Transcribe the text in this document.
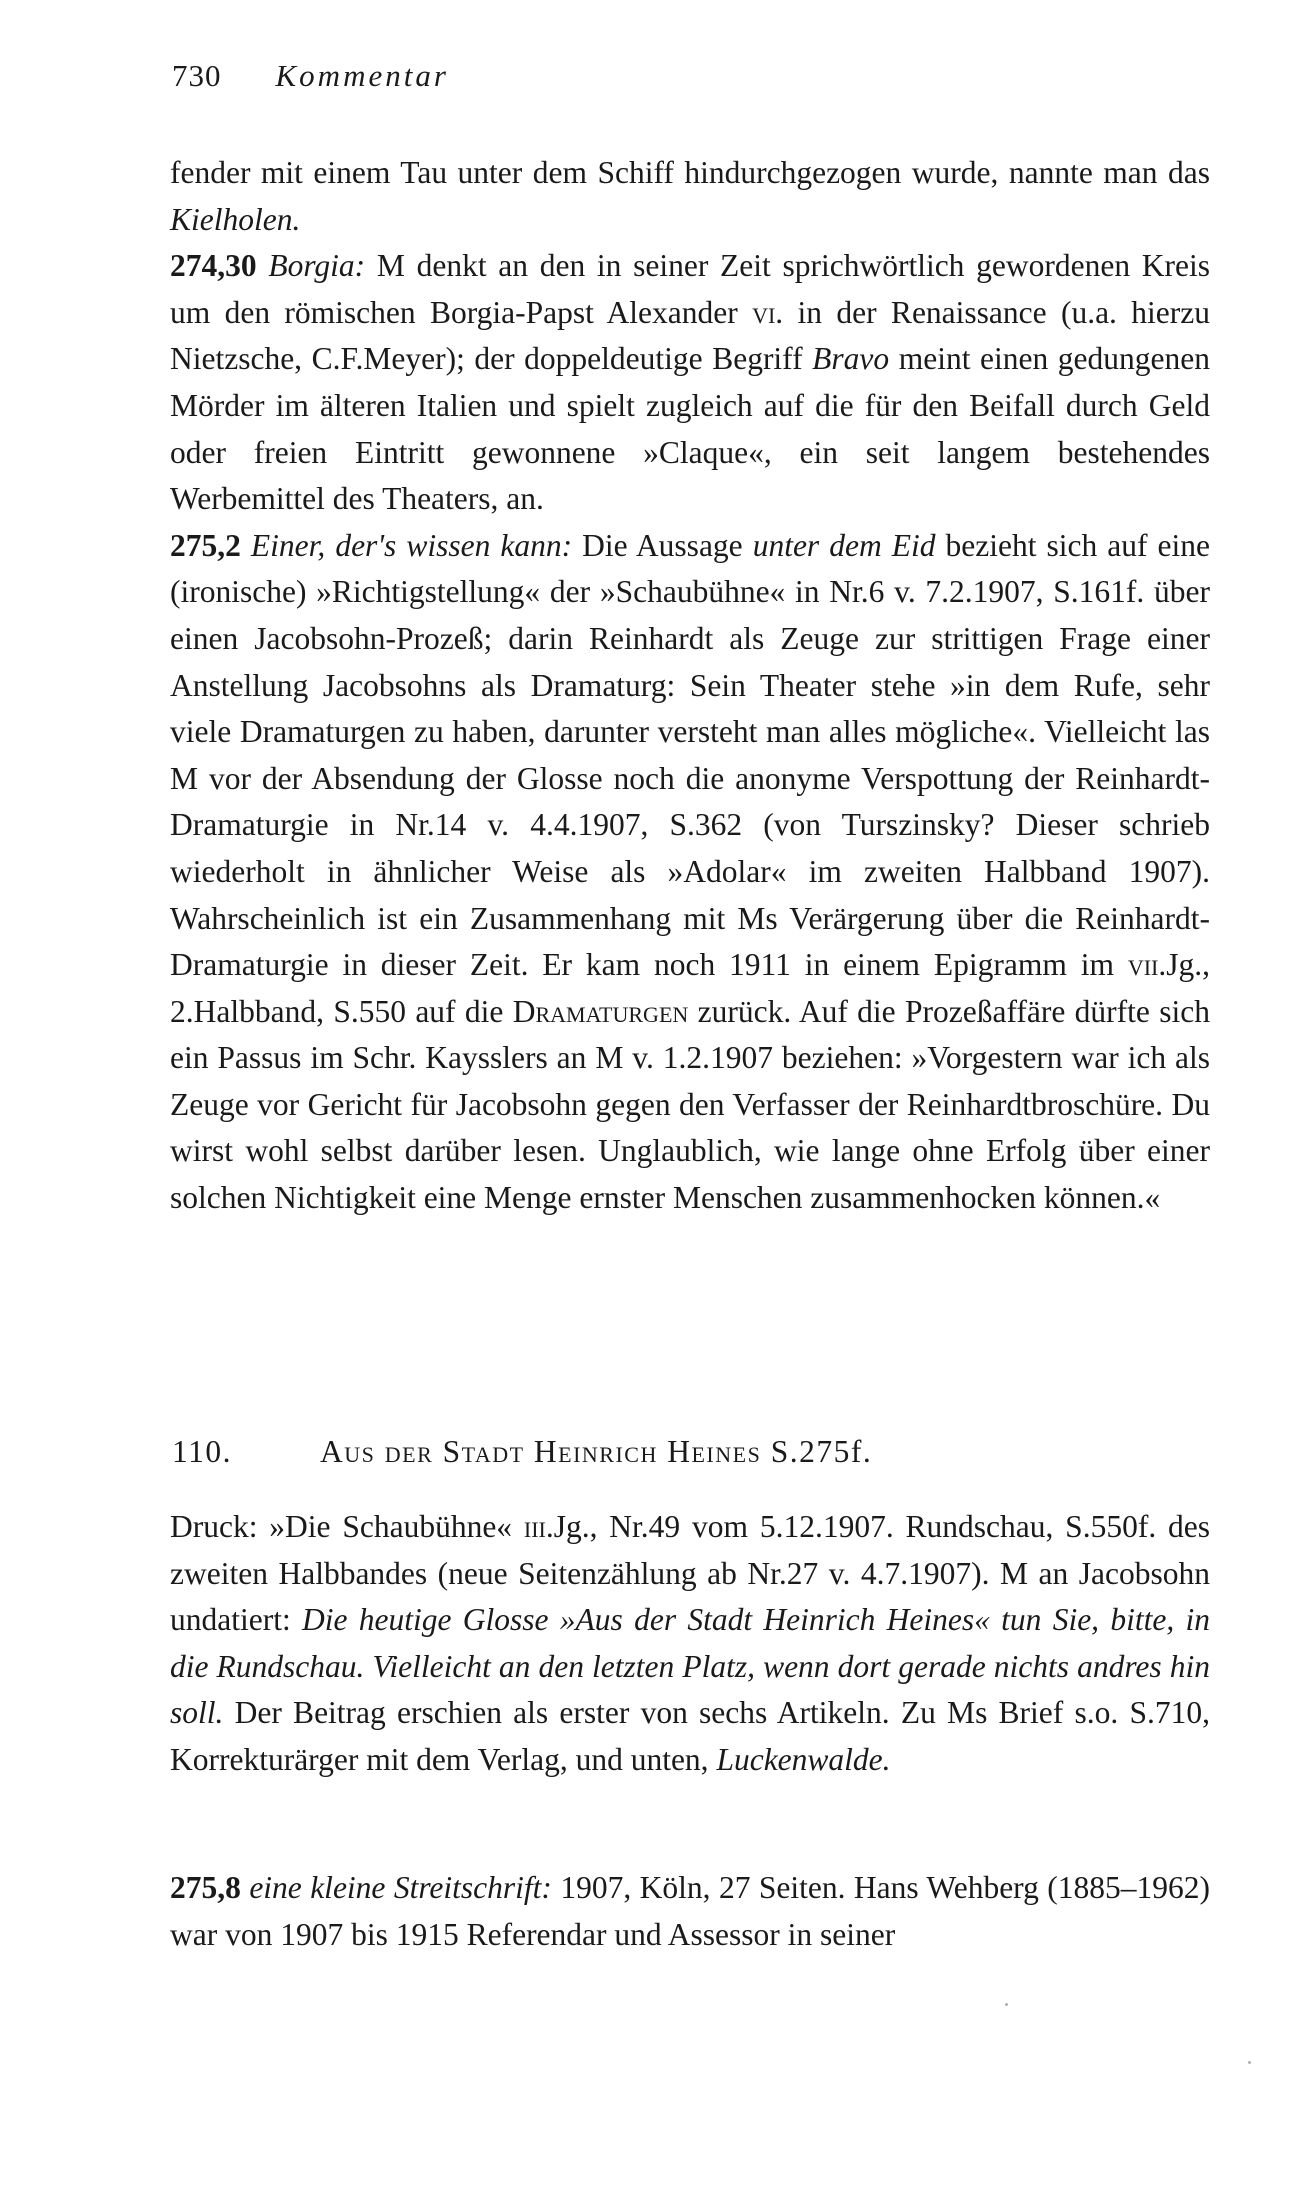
730 Kommentar

fender mit einem Tau unter dem Schiff hindurchgezogen wurde, nannte man das Kielholen.

274,30 Borgia: M denkt an den in seiner Zeit sprichwörtlich gewordenen Kreis um den römischen Borgia-Papst Alexander vi. in der Renaissance (u.a. hierzu Nietzsche, C.F.Meyer); der doppeldeutige Begriff Bravo meint einen gedungenen Mörder im älteren Italien und spielt zugleich auf die für den Beifall durch Geld oder freien Eintritt gewonnene »Claque«, ein seit langem bestehendes Werbemittel des Theaters, an.

275,2 Einer, der's wissen kann: Die Aussage unter dem Eid bezieht sich auf eine (ironische) »Richtigstellung« der »Schaubühne« in Nr.6 v. 7.2.1907, S.161f. über einen Jacobsohn-Prozeß; darin Reinhardt als Zeuge zur strittigen Frage einer Anstellung Jacobsohns als Dramaturg: Sein Theater stehe »in dem Rufe, sehr viele Dramaturgen zu haben, darunter versteht man alles mögliche«. Vielleicht las M vor der Absendung der Glosse noch die anonyme Verspottung der Reinhardt-Dramaturgie in Nr.14 v. 4.4.1907, S.362 (von Turszinsky? Dieser schrieb wiederholt in ähnlicher Weise als »Adolar« im zweiten Halbband 1907). Wahrscheinlich ist ein Zusammenhang mit Ms Verärgerung über die Reinhardt-Dramaturgie in dieser Zeit. Er kam noch 1911 in einem Epigramm im vii.Jg., 2.Halbband, S.550 auf die Dramaturgen zurück. Auf die Prozeßaffäre dürfte sich ein Passus im Schr. Kaysslers an M v. 1.2.1907 beziehen: »Vorgestern war ich als Zeuge vor Gericht für Jacobsohn gegen den Verfasser der Reinhardtbroschüre. Du wirst wohl selbst darüber lesen. Unglaublich, wie lange ohne Erfolg über einer solchen Nichtigkeit eine Menge ernster Menschen zusammenhocken können.«

110.	Aus der Stadt Heinrich Heines S.275f.

Druck: »Die Schaubühne« iii.Jg., Nr.49 vom 5.12.1907. Rundschau, S.550f. des zweiten Halbbandes (neue Seitenzählung ab Nr.27 v. 4.7.1907). M an Jacobsohn undatiert: Die heutige Glosse »Aus der Stadt Heinrich Heines« tun Sie, bitte, in die Rundschau. Vielleicht an den letzten Platz, wenn dort gerade nichts andres hin soll. Der Beitrag erschien als erster von sechs Artikeln. Zu Ms Brief s.o. S.710, Korrekturärger mit dem Verlag, und unten, Luckenwalde.

275,8 eine kleine Streitschrift: 1907, Köln, 27 Seiten. Hans Wehberg (1885–1962) war von 1907 bis 1915 Referendar und Assessor in seiner
